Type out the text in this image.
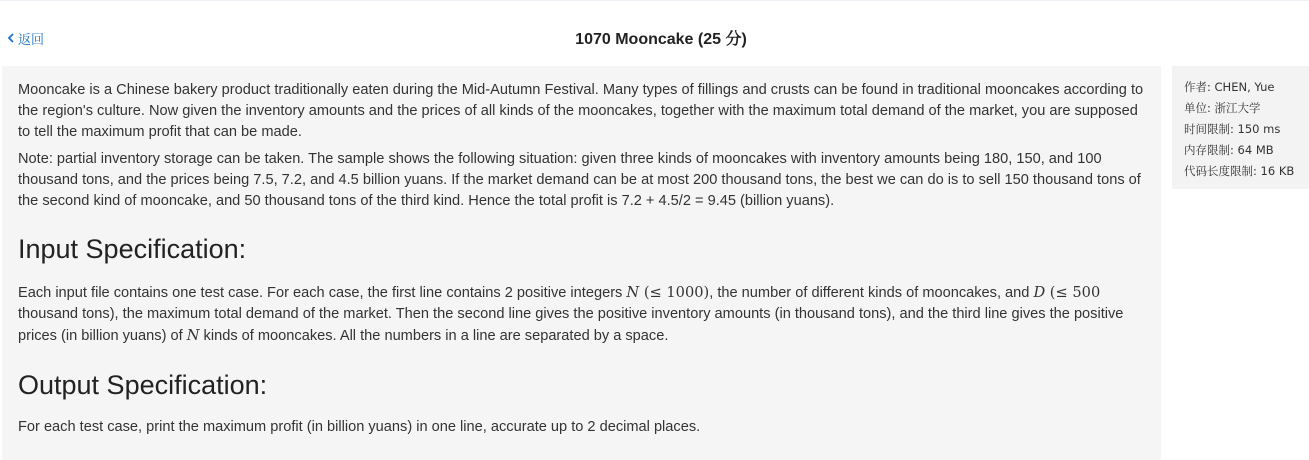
返回	1070 Mooncake (25 分)

Mooncake is a Chinese bakery product traditionally eaten during the Mid-Autumn Festival. Many types of fillings and crusts can be found in traditional mooncakes according to the region's culture. Now given the inventory amounts and the prices of all kinds of the mooncakes, together with the maximum total demand of the market, you are supposed to tell the maximum profit that can be made.

Note: partial inventory storage can be taken. The sample shows the following situation: given three kinds of mooncakes with inventory amounts being 180, 150, and 100 thousand tons, and the prices being 7.5, 7.2, and 4.5 billion yuans. If the market demand can be at most 200 thousand tons, the best we can do is to sell 150 thousand tons of the second kind of mooncake, and 50 thousand tons of the third kind. Hence the total profit is 7.2 + 4.5/2 = 9.45 (billion yuans).

Input Specification:

Each input file contains one test case. For each case, the first line contains 2 positive integers N (≤ 1000), the number of different kinds of mooncakes, and D (≤ 500 thousand tons), the maximum total demand of the market. Then the second line gives the positive inventory amounts (in thousand tons), and the third line gives the positive prices (in billion yuans) of N kinds of mooncakes. All the numbers in a line are separated by a space.

Output Specification:

For each test case, print the maximum profit (in billion yuans) in one line, accurate up to 2 decimal places.

作者: CHEN, Yue
单位: 浙江大学
时间限制: 150 ms
内存限制: 64 MB
代码长度限制: 16 KB
